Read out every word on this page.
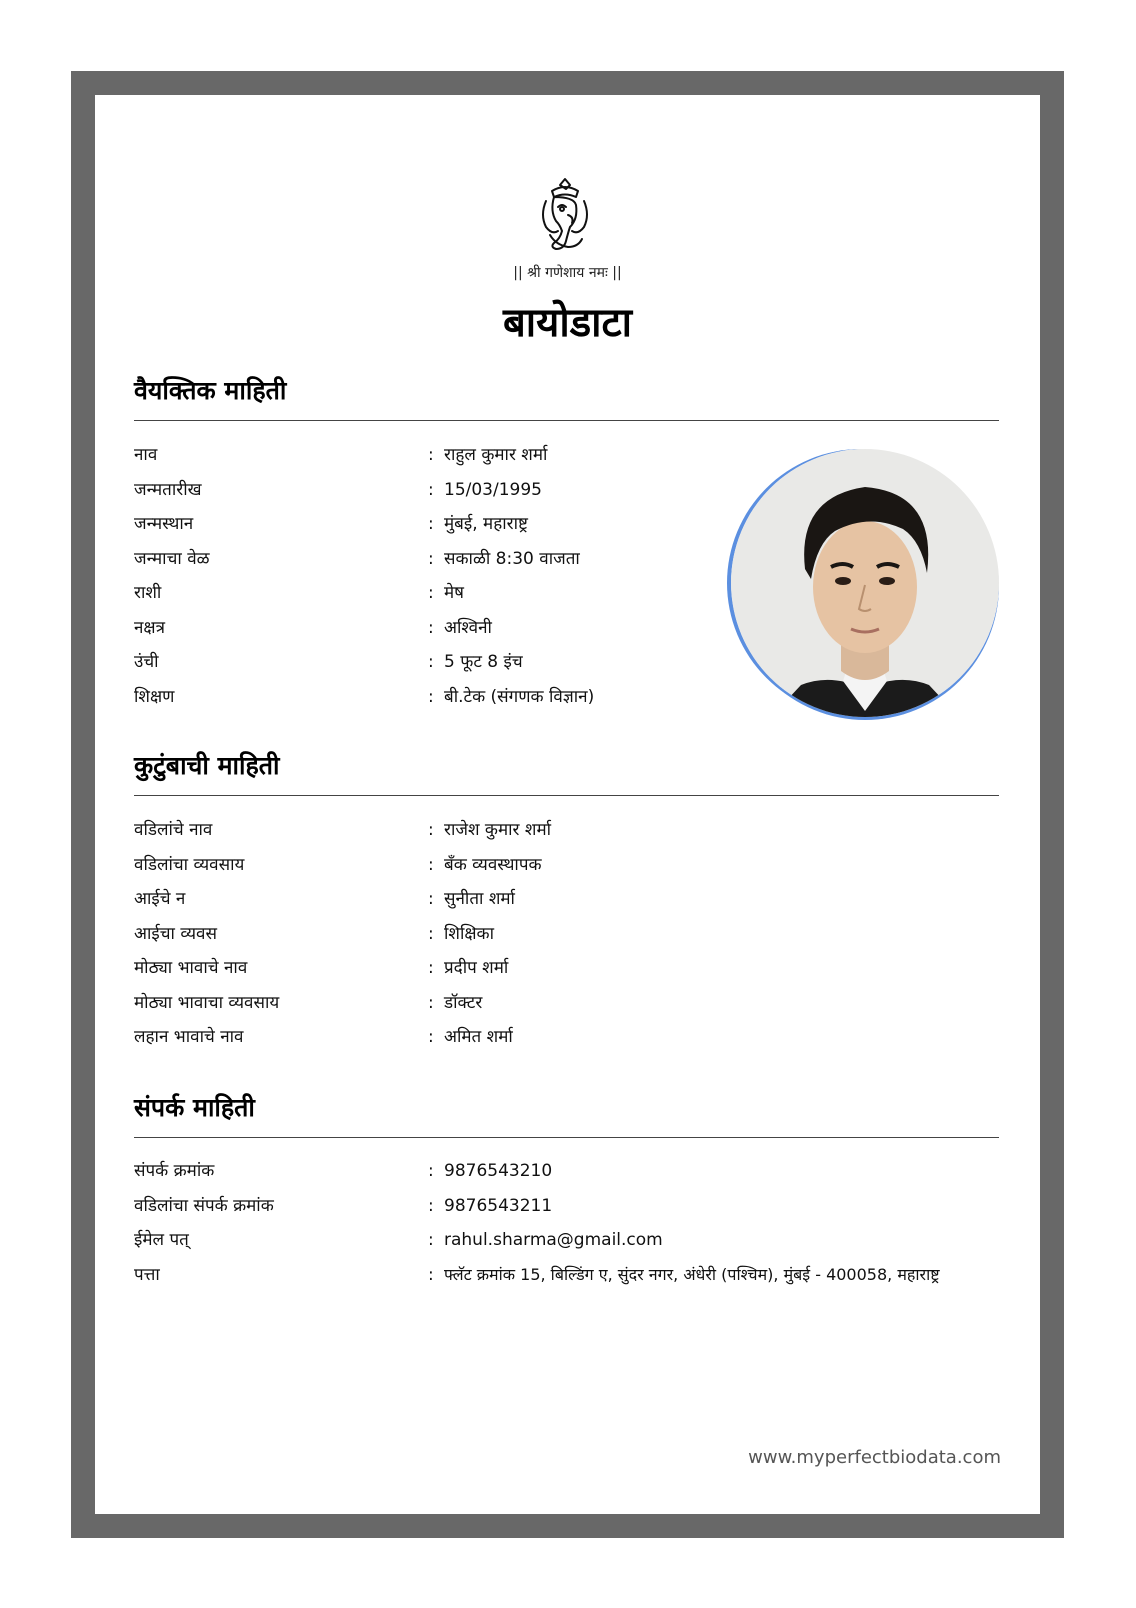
|| श्री गणेशाय नमः ||
बायोडाटा
वैयक्तिक माहिती
नाव	: राहुल कुमार शर्मा
जन्मतारीख	: 15/03/1995
जन्मस्थान	: मुंबई, महाराष्ट्र
जन्माचा वेळ	: सकाळी 8:30 वाजता
राशी	: मेष
नक्षत्र	: अश्विनी
उंची	: 5 फूट 8 इंच
शिक्षण	: बी.टेक (संगणक विज्ञान)
कुटुंबाची माहिती
वडिलांचे नाव	: राजेश कुमार शर्मा
वडिलांचा व्यवसाय	: बँक व्यवस्थापक
आईचे न	: सुनीता शर्मा
आईचा व्यवस	: शिक्षिका
मोठ्या भावाचे नाव	: प्रदीप शर्मा
मोठ्या भावाचा व्यवसाय	: डॉक्टर
लहान भावाचे नाव	: अमित शर्मा
संपर्क माहिती
संपर्क क्रमांक	: 9876543210
वडिलांचा संपर्क क्रमांक	: 9876543211
ईमेल पत्	: rahul.sharma@gmail.com
पत्ता	: फ्लॅट क्रमांक 15, बिल्डिंग ए, सुंदर नगर, अंधेरी (पश्चिम), मुंबई - 400058, महाराष्ट्र
www.myperfectbiodata.com
